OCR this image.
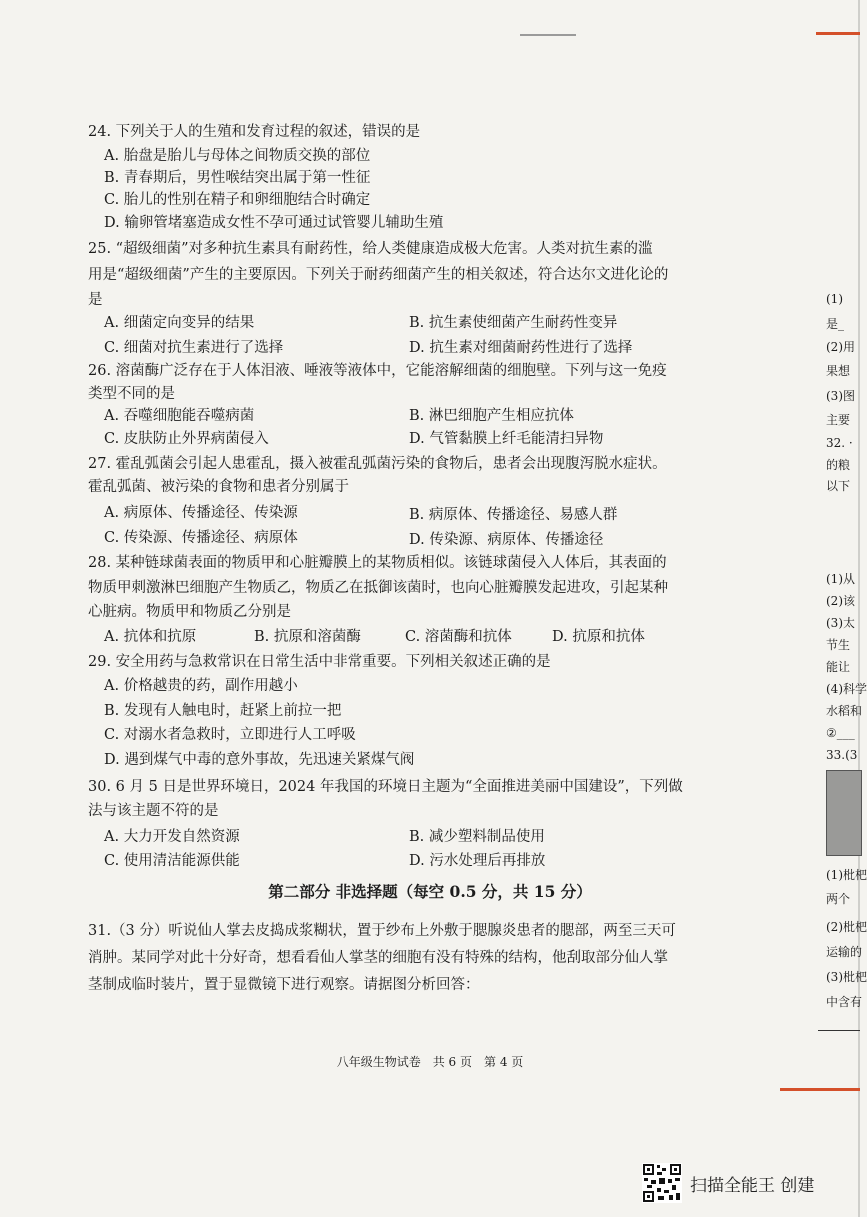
24. 下列关于人的生殖和发育过程的叙述，错误的是
A. 胎盘是胎儿与母体之间物质交换的部位
B. 青春期后，男性喉结突出属于第一性征
C. 胎儿的性别在精子和卵细胞结合时确定
D. 输卵管堵塞造成女性不孕可通过试管婴儿辅助生殖
25. “超级细菌”对多种抗生素具有耐药性，给人类健康造成极大危害。人类对抗生素的滥
用是“超级细菌”产生的主要原因。下列关于耐药细菌产生的相关叙述，符合达尔文进化论的
是
A. 细菌定向变异的结果	B. 抗生素使细菌产生耐药性变异
C. 细菌对抗生素进行了选择	D. 抗生素对细菌耐药性进行了选择
26. 溶菌酶广泛存在于人体泪液、唾液等液体中，它能溶解细菌的细胞壁。下列与这一免疫
类型不同的是
A. 吞噬细胞能吞噬病菌	B. 淋巴细胞产生相应抗体
C. 皮肤防止外界病菌侵入	D. 气管黏膜上纤毛能清扫异物
27. 霍乱弧菌会引起人患霍乱，摄入被霍乱弧菌污染的食物后，患者会出现腹泻脱水症状。
霍乱弧菌、被污染的食物和患者分别属于
A. 病原体、传播途径、传染源	B. 病原体、传播途径、易感人群
C. 传染源、传播途径、病原体	D. 传染源、病原体、传播途径
28. 某种链球菌表面的物质甲和心脏瓣膜上的某物质相似。该链球菌侵入人体后，其表面的
物质甲刺激淋巴细胞产生物质乙，物质乙在抵御该菌时，也向心脏瓣膜发起进攻，引起某种
心脏病。物质甲和物质乙分别是
A. 抗体和抗原	B. 抗原和溶菌酶	C. 溶菌酶和抗体	D. 抗原和抗体
29. 安全用药与急救常识在日常生活中非常重要。下列相关叙述正确的是
A. 价格越贵的药，副作用越小
B. 发现有人触电时，赶紧上前拉一把
C. 对溺水者急救时，立即进行人工呼吸
D. 遇到煤气中毒的意外事故，先迅速关紧煤气阀
30. 6 月 5 日是世界环境日，2024 年我国的环境日主题为“全面推进美丽中国建设”，下列做
法与该主题不符的是
A. 大力开发自然资源	B. 减少塑料制品使用
C. 使用清洁能源供能	D. 污水处理后再排放
第二部分 非选择题（每空 0.5 分，共 15 分）
31.（3 分）听说仙人掌去皮捣成浆糊状，置于纱布上外敷于腮腺炎患者的腮部，两至三天可
消肿。某同学对此十分好奇，想看看仙人掌茎的细胞有没有特殊的结构，他刮取部分仙人掌
茎制成临时装片，置于显微镜下进行观察。请据图分析回答：
八年级生物试卷　共 6 页　第 4 页
(1)
是_
(2)用
果想
(3)图
主要
32. ·
的粮
以下
(1)从
(2)该
(3)太
节生
能让
(4)科学
水稻和
②___
33.(3
(1)枇杷
两个
(2)枇杷
运输的
(3)枇杷
中含有
扫描全能王 创建
